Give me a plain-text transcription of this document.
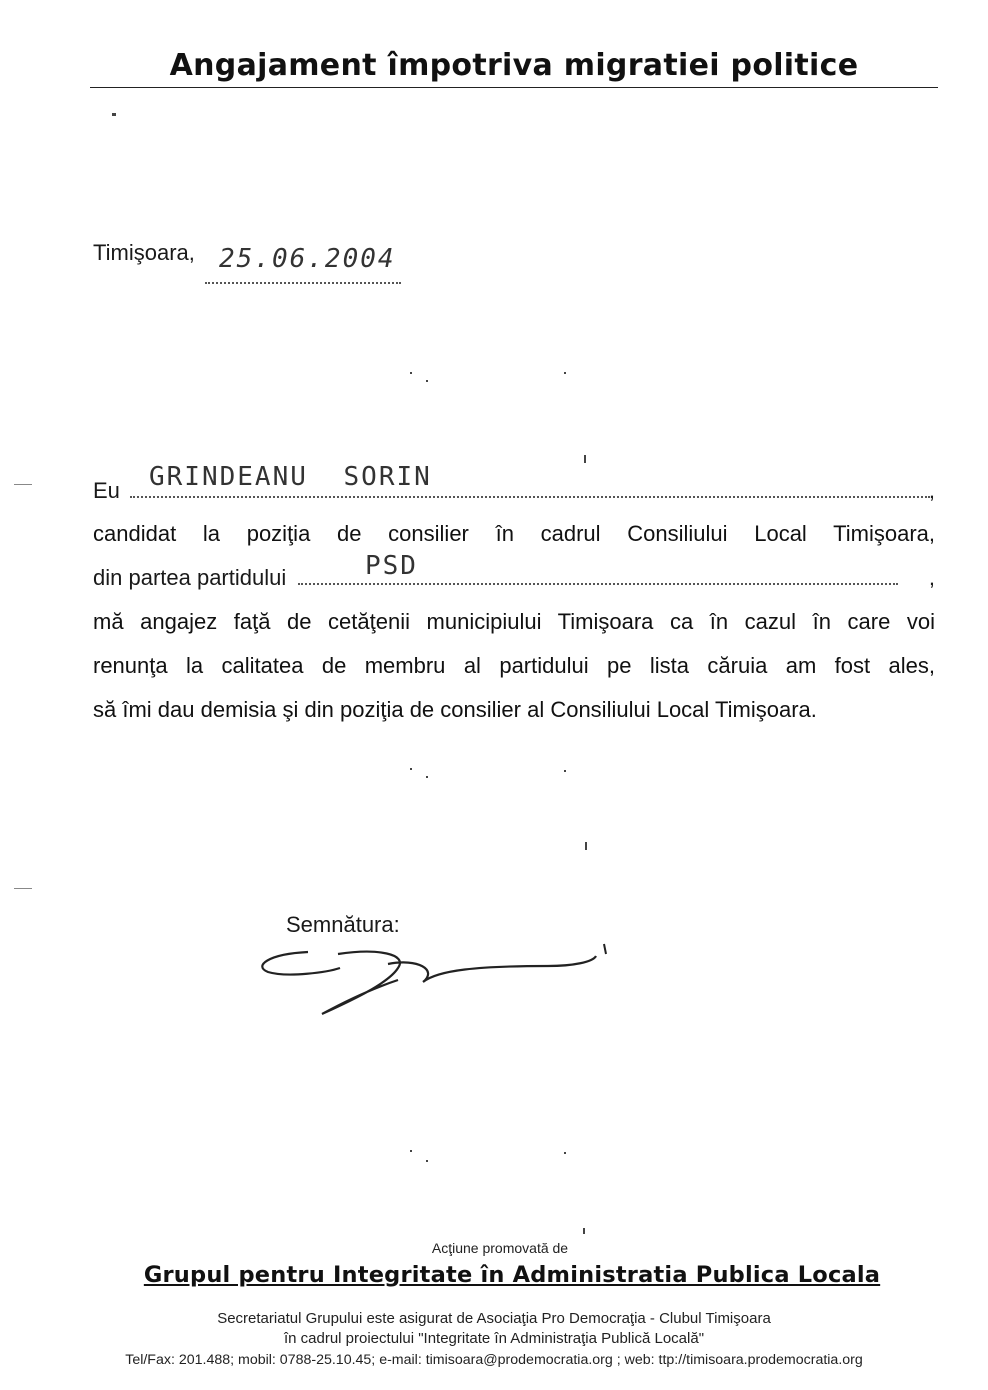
Angajament împotriva migratiei politice
Timişoara, 25.06.2004
Eu GRINDEANU SORIN	,
candidat la poziţia de consilier în cadrul Consiliului Local Timişoara,
din partea partidului	PSD	,
mă angajez faţă de cetăţenii municipiului Timişoara ca în cazul în care voi
renunţa la calitatea de membru al partidului pe lista căruia am fost ales,
să îmi dau demisia şi din poziţia de consilier al Consiliului Local Timişoara.
Semnătura:
Acţiune promovată de
Grupul pentru Integritate în Administratia Publica Locala
Secretariatul Grupului este asigurat de Asociaţia Pro Democraţia - Clubul Timişoara
în cadrul proiectului "Integritate în Administraţia Publică Locală"
Tel/Fax: 201.488; mobil: 0788-25.10.45; e-mail: timisoara@prodemocratia.org ; web: ttp://timisoara.prodemocratia.org
